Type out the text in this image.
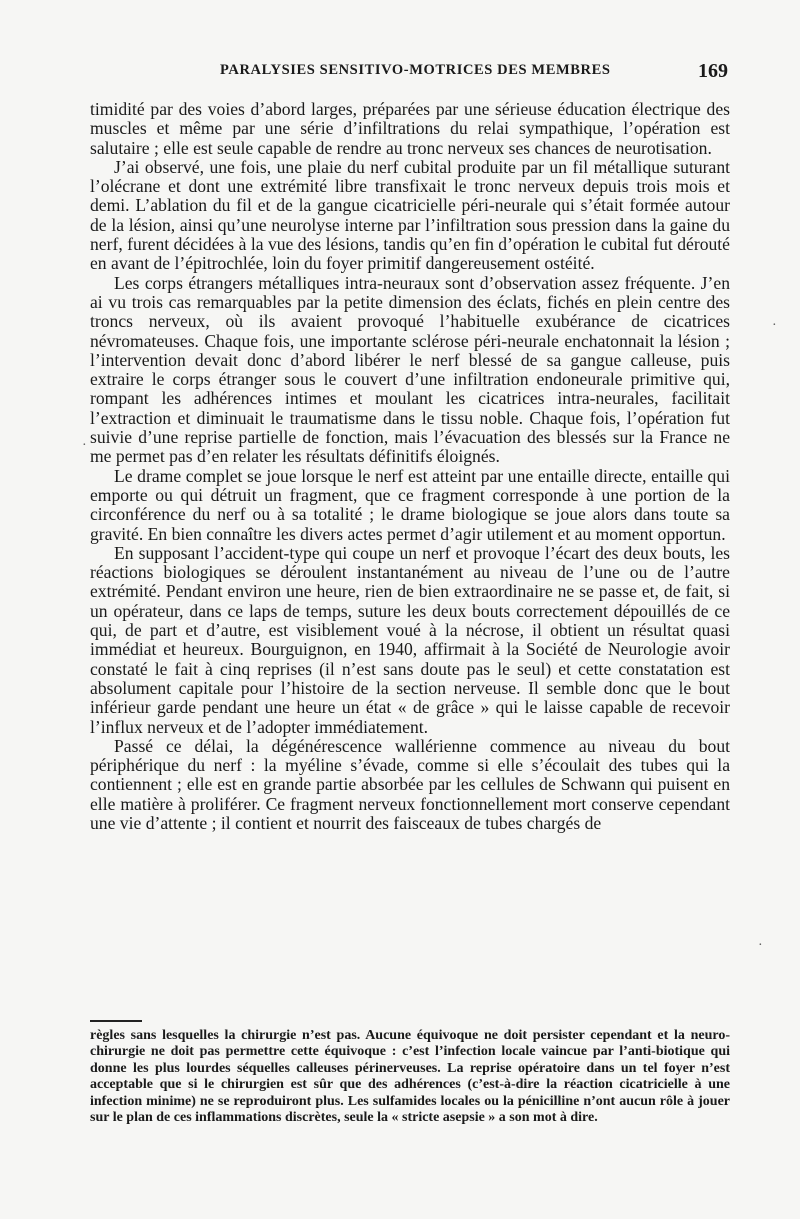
PARALYSIES SENSITIVO-MOTRICES DES MEMBRES	169

timidité par des voies d’abord larges, préparées par une sérieuse éducation électrique des muscles et même par une série d’infiltrations du relai sympathique, l’opération est salutaire ; elle est seule capable de rendre au tronc nerveux ses chances de neurotisation.

J’ai observé, une fois, une plaie du nerf cubital produite par un fil métallique suturant l’olécrane et dont une extrémité libre transfixait le tronc nerveux depuis trois mois et demi. L’ablation du fil et de la gangue cicatricielle péri-neurale qui s’était formée autour de la lésion, ainsi qu’une neurolyse interne par l’infiltration sous pression dans la gaine du nerf, furent décidées à la vue des lésions, tandis qu’en fin d’opération le cubital fut dérouté en avant de l’épitrochlée, loin du foyer primitif dangereusement ostéité.

Les corps étrangers métalliques intra-neuraux sont d’observation assez fréquente. J’en ai vu trois cas remarquables par la petite dimension des éclats, fichés en plein centre des troncs nerveux, où ils avaient provoqué l’habituelle exubérance de cicatrices névromateuses. Chaque fois, une importante sclérose péri-neurale enchatonnait la lésion ; l’intervention devait donc d’abord libérer le nerf blessé de sa gangue calleuse, puis extraire le corps étranger sous le couvert d’une infiltration endoneurale primitive qui, rompant les adhérences intimes et moulant les cicatrices intra-neurales, facilitait l’extraction et diminuait le traumatisme dans le tissu noble. Chaque fois, l’opération fut suivie d’une reprise partielle de fonction, mais l’évacuation des blessés sur la France ne me permet pas d’en relater les résultats définitifs éloignés.

Le drame complet se joue lorsque le nerf est atteint par une entaille directe, entaille qui emporte ou qui détruit un fragment, que ce fragment corresponde à une portion de la circonférence du nerf ou à sa totalité ; le drame biologique se joue alors dans toute sa gravité. En bien connaître les divers actes permet d’agir utilement et au moment opportun.

En supposant l’accident-type qui coupe un nerf et provoque l’écart des deux bouts, les réactions biologiques se déroulent instantanément au niveau de l’une ou de l’autre extrémité. Pendant environ une heure, rien de bien extraordinaire ne se passe et, de fait, si un opérateur, dans ce laps de temps, suture les deux bouts correctement dépouillés de ce qui, de part et d’autre, est visiblement voué à la nécrose, il obtient un résultat quasi immédiat et heureux. Bourguignon, en 1940, affirmait à la Société de Neurologie avoir constaté le fait à cinq reprises (il n’est sans doute pas le seul) et cette constatation est absolument capitale pour l’histoire de la section nerveuse. Il semble donc que le bout inférieur garde pendant une heure un état « de grâce » qui le laisse capable de recevoir l’influx nerveux et de l’adopter immédiatement.

Passé ce délai, la dégénérescence wallérienne commence au niveau du bout périphérique du nerf : la myéline s’évade, comme si elle s’écoulait des tubes qui la contiennent ; elle est en grande partie absorbée par les cellules de Schwann qui puisent en elle matière à proliférer. Ce fragment nerveux fonctionnellement mort conserve cependant une vie d’attente ; il contient et nourrit des faisceaux de tubes chargés de

règles sans lesquelles la chirurgie n’est pas. Aucune équivoque ne doit persister cependant et la neuro-chirurgie ne doit pas permettre cette équivoque : c’est l’infection locale vaincue par l’anti-biotique qui donne les plus lourdes séquelles calleuses périnerveuses. La reprise opératoire dans un tel foyer n’est acceptable que si le chirurgien est sûr que des adhérences (c’est-à-dire la réaction cicatricielle à une infection minime) ne se reproduiront plus. Les sulfamides locales ou la pénicilline n’ont aucun rôle à jouer sur le plan de ces inflammations discrètes, seule la « stricte asepsie » a son mot à dire.

·
·
·
